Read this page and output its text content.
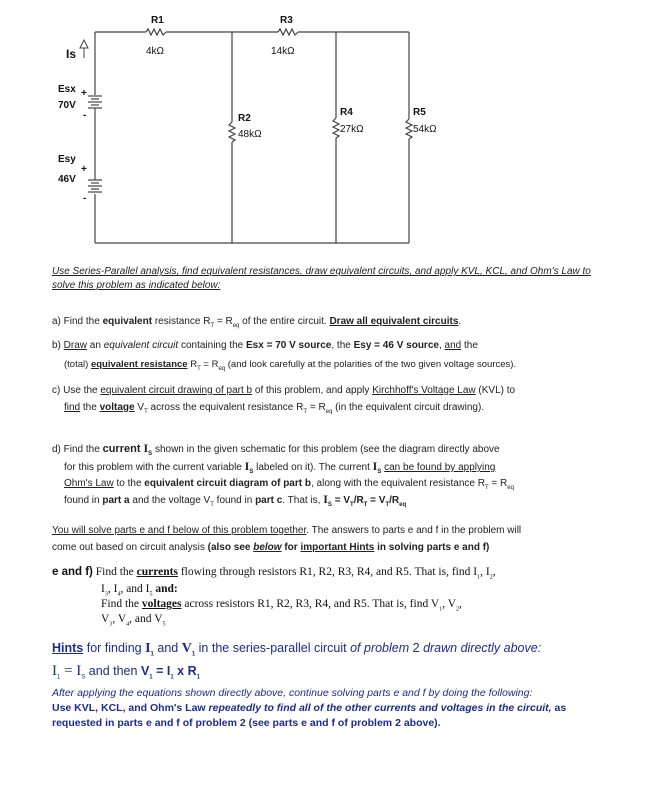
R1
4kΩ
R3
14kΩ
R2
48kΩ
R4
27kΩ
R5
54kΩ
Is
Esx +
70V
-
Esy
+
46V
-
Use Series-Parallel analysis, find equivalent resistances, draw equivalent circuits, and apply KVL, KCL, and Ohm's Law to solve this problem as indicated below:
a) Find the equivalent resistance $R_T = R_{eq}$ of the entire circuit. Draw all equivalent circuits.
b) Draw an equivalent circuit containing the Esx = 70 V source, the Esy = 46 V source, and the
(total) equivalent resistance $R_T = R_{eq}$ (and look carefully at the polarities of the two given voltage sources).
c) Use the equivalent circuit drawing of part b of this problem, and apply Kirchhoff's Voltage Law (KVL) to
find the voltage $V_T$ across the equivalent resistance $R_T = R_{eq}$ (in the equivalent circuit drawing).
d) Find the current $I_S$ shown in the given schematic for this problem (see the diagram directly above
for this problem with the current variable $I_S$ labeled on it). The current $I_S$ can be found by applying
Ohm's Law to the equivalent circuit diagram of part b, along with the equivalent resistance $R_T = R_{eq}$
found in part a and the voltage $V_T$ found in part c. That is, $I_S = V_T/R_T = V_T/R_{eq}$
You will solve parts e and f below of this problem together. The answers to parts e and f in the problem will
come out based on circuit analysis (also see below for important Hints in solving parts e and f)
e and f) Find the currents flowing through resistors R1, R2, R3, R4, and R5. That is, find $I_1$, $I_2$,
$I_3$, $I_4$, and $I_5$ and:
Find the voltages across resistors R1, R2, R3, R4, and R5. That is, find $V_1$, $V_2$,
$V_3$, $V_4$, and $V_5$
Hints for finding $I_1$ and $V_1$ in the series-parallel circuit of problem 2 drawn directly above:
$I_1 = I_S$ and then $V_1 = I_1$ x $R_1$
After applying the equations shown directly above, continue solving parts e and f by doing the following:
Use KVL, KCL, and Ohm's Law repeatedly to find all of the other currents and voltages in the circuit, as
requested in parts e and f of problem 2 (see parts e and f of problem 2 above).
